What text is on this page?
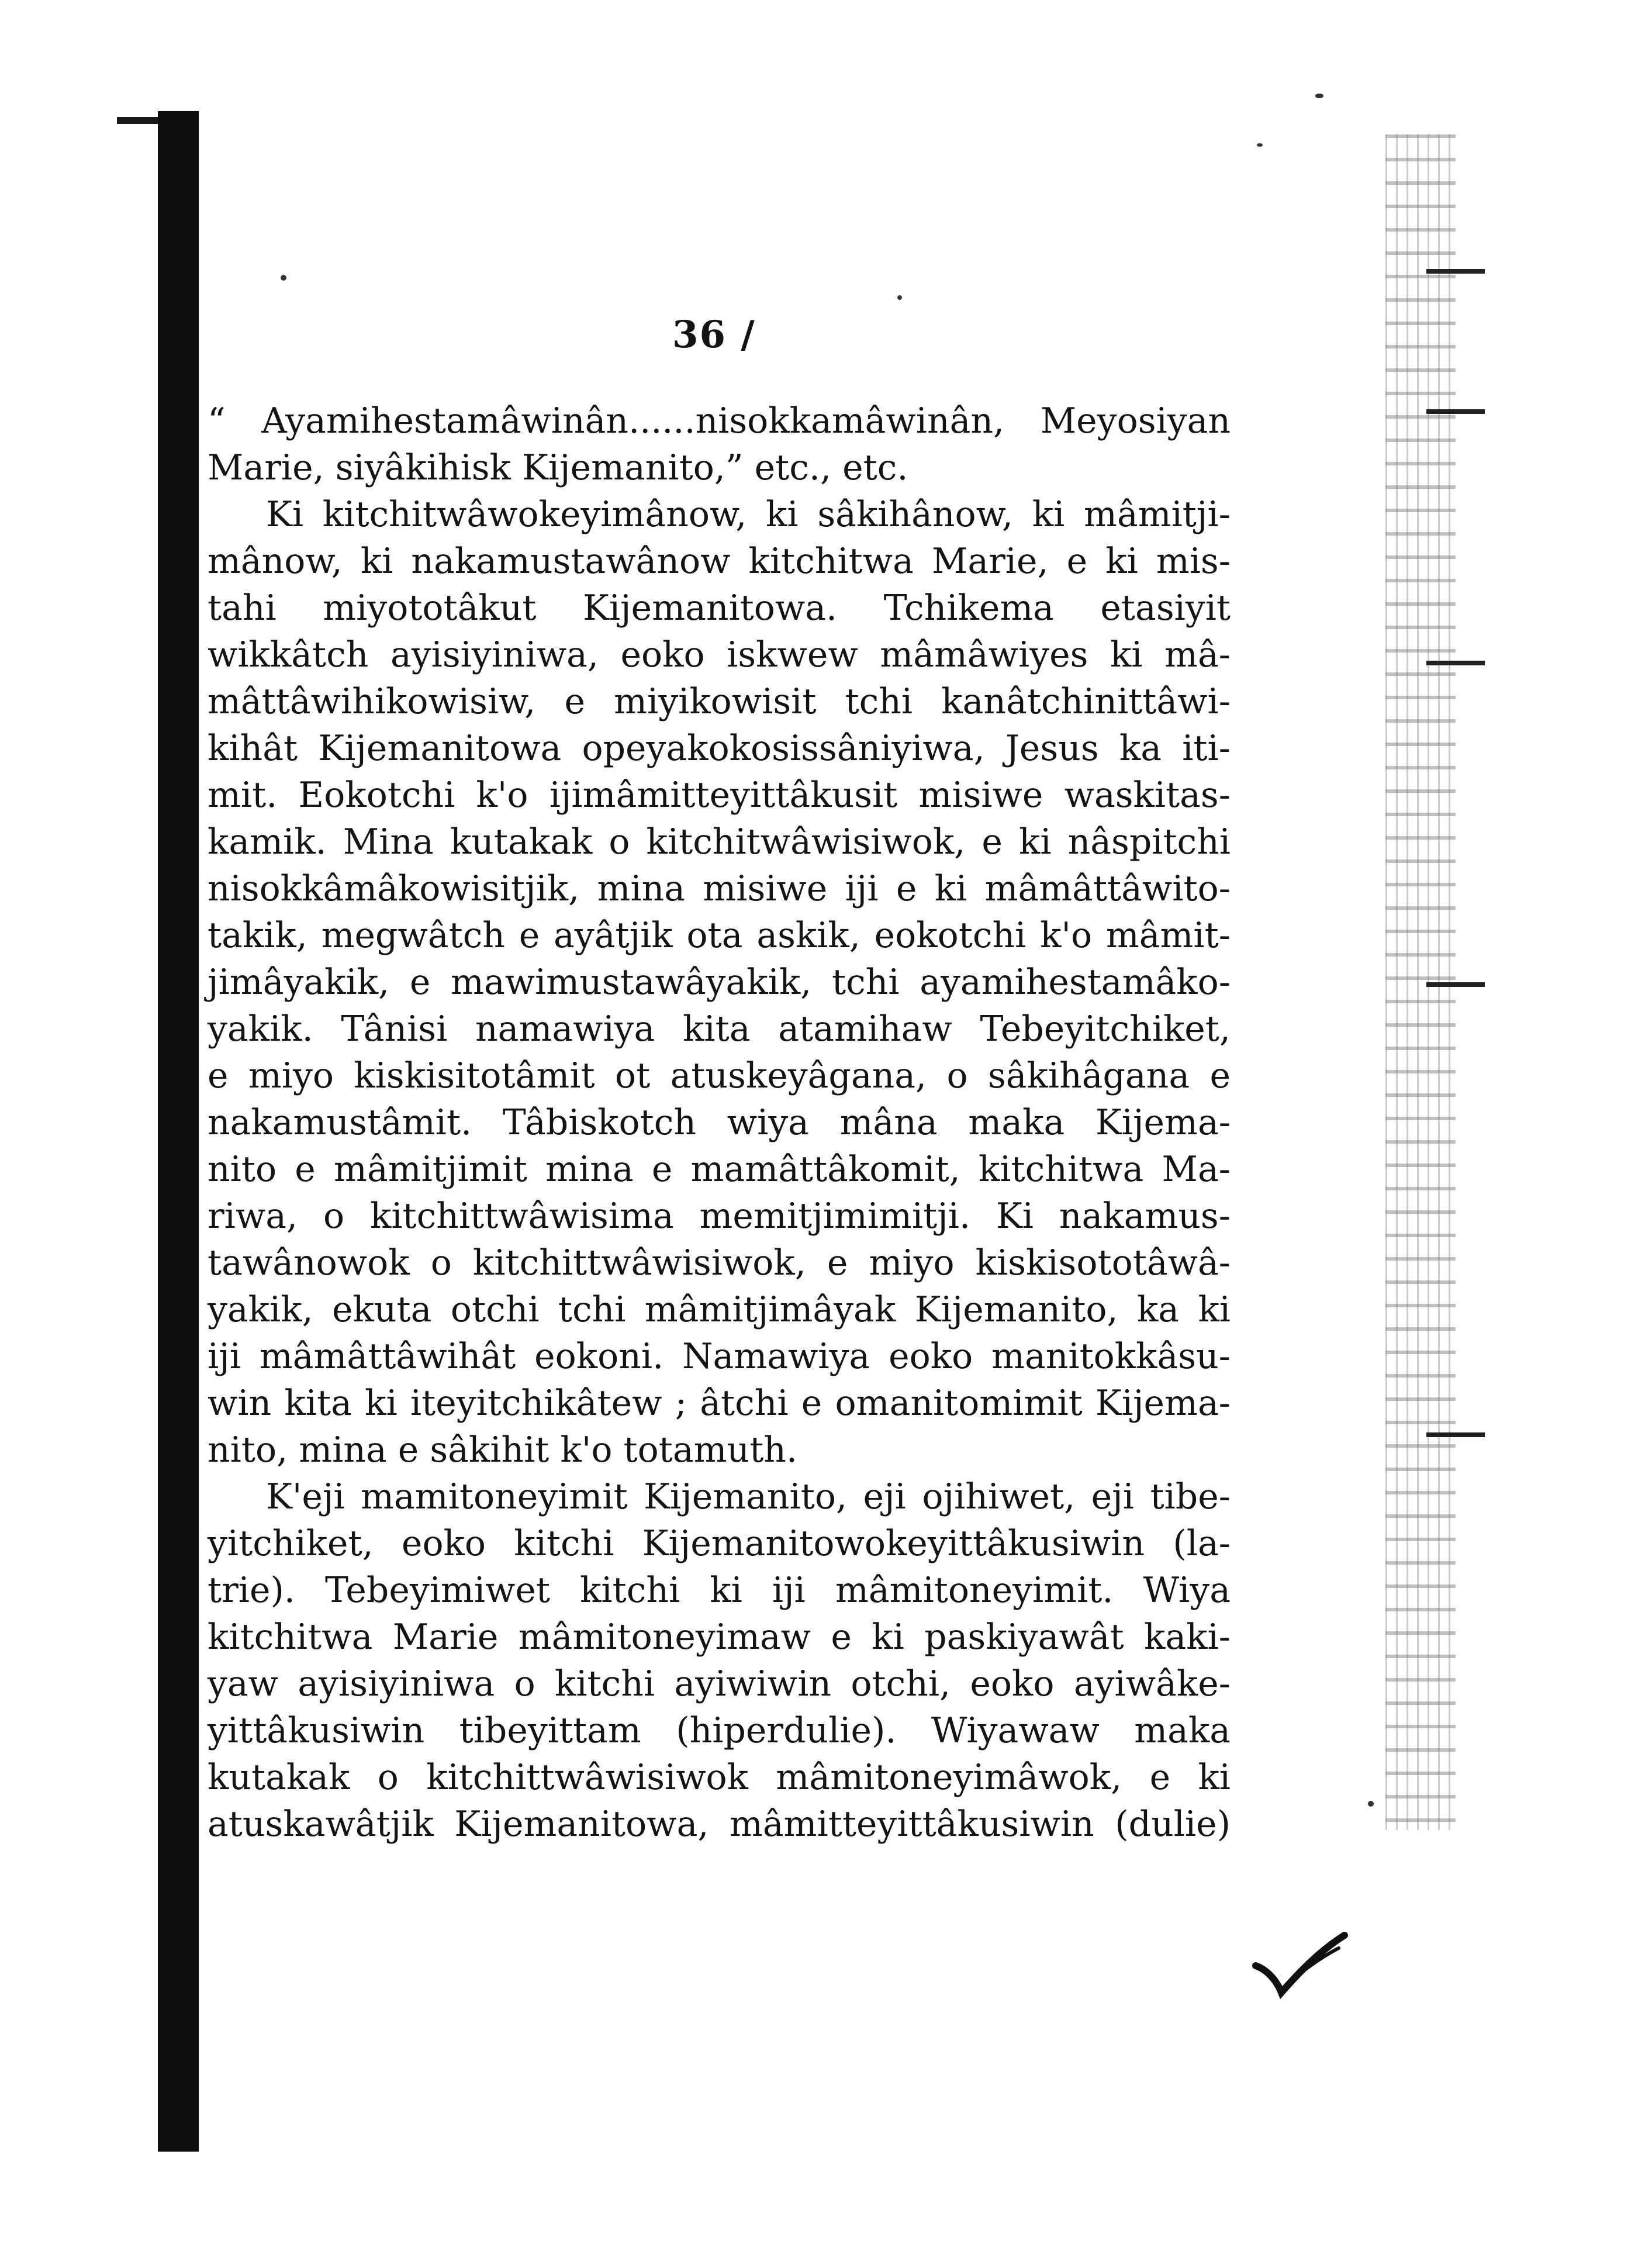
36 /
“ Ayamihestamâwinân......nisokkamâwinân, Meyosiyan
Marie, siyâkihisk Kijemanito,” etc., etc.
Ki kitchitwâwokeyimânow, ki sâkihânow, ki mâmitji-
mânow, ki nakamustawânow kitchitwa Marie, e ki mis-
tahi miyototâkut Kijemanitowa. Tchikema etasiyit
wikkâtch ayisiyiniwa, eoko iskwew mâmâwiyes ki mâ-
mâttâwihikowisiw, e miyikowisit tchi kanâtchinittâwi-
kihât Kijemanitowa opeyakokosissâniyiwa, Jesus ka iti-
mit. Eokotchi k'o ijimâmitteyittâkusit misiwe waskitas-
kamik. Mina kutakak o kitchitwâwisiwok, e ki nâspitchi
nisokkâmâkowisitjik, mina misiwe iji e ki mâmâttâwito-
takik, megwâtch e ayâtjik ota askik, eokotchi k'o mâmit-
jimâyakik, e mawimustawâyakik, tchi ayamihestamâko-
yakik. Tânisi namawiya kita atamihaw Tebeyitchiket,
e miyo kiskisitotâmit ot atuskeyâgana, o sâkihâgana e
nakamustâmit. Tâbiskotch wiya mâna maka Kijema-
nito e mâmitjimit mina e mamâttâkomit, kitchitwa Ma-
riwa, o kitchittwâwisima memitjimimitji. Ki nakamus-
tawânowok o kitchittwâwisiwok, e miyo kiskisototâwâ-
yakik, ekuta otchi tchi mâmitjimâyak Kijemanito, ka ki
iji mâmâttâwihât eokoni. Namawiya eoko manitokkâsu-
win kita ki iteyitchikâtew ; âtchi e omanitomimit Kijema-
nito, mina e sâkihit k'o totamuth.
K'eji mamitoneyimit Kijemanito, eji ojihiwet, eji tibe-
yitchiket, eoko kitchi Kijemanitowokeyittâkusiwin (la-
trie). Tebeyimiwet kitchi ki iji mâmitoneyimit. Wiya
kitchitwa Marie mâmitoneyimaw e ki paskiyawât kaki-
yaw ayisiyiniwa o kitchi ayiwiwin otchi, eoko ayiwâke-
yittâkusiwin tibeyittam (hiperdulie). Wiyawaw maka
kutakak o kitchittwâwisiwok mâmitoneyimâwok, e ki
atuskawâtjik Kijemanitowa, mâmitteyittâkusiwin (dulie)
